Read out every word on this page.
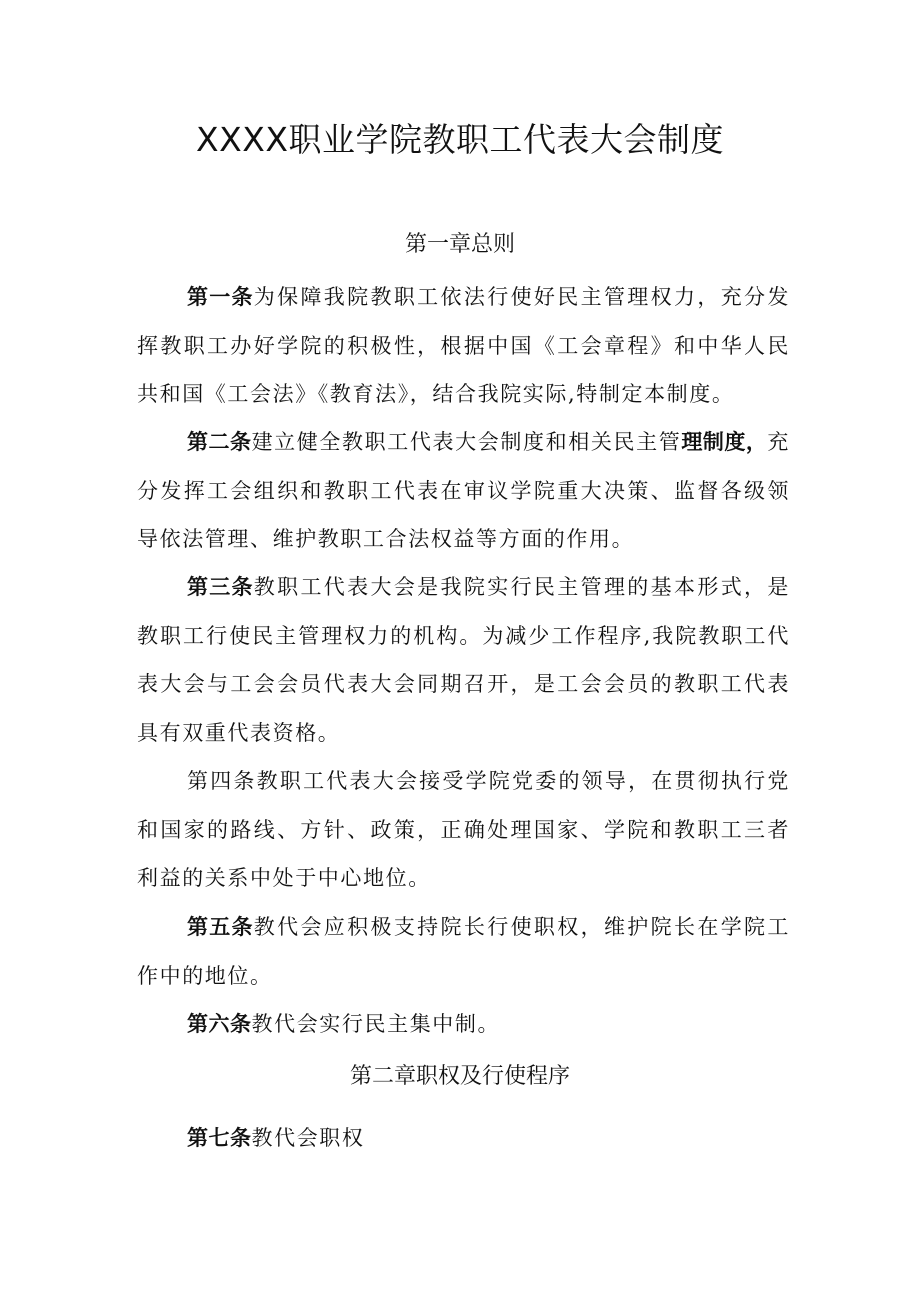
XXXX职业学院教职工代表大会制度
第一章总则

第一条为保障我院教职工依法行使好民主管理权力，充分发挥教职工办好学院的积极性，根据中国《工会章程》和中华人民共和国《工会法》《教育法》，结合我院实际,特制定本制度。

第二条建立健全教职工代表大会制度和相关民主管理制度，充分发挥工会组织和教职工代表在审议学院重大决策、监督各级领导依法管理、维护教职工合法权益等方面的作用。

第三条教职工代表大会是我院实行民主管理的基本形式，是教职工行使民主管理权力的机构。为减少工作程序,我院教职工代表大会与工会会员代表大会同期召开，是工会会员的教职工代表具有双重代表资格。

第四条教职工代表大会接受学院党委的领导，在贯彻执行党和国家的路线、方针、政策，正确处理国家、学院和教职工三者利益的关系中处于中心地位。

第五条教代会应积极支持院长行使职权，维护院长在学院工作中的地位。

第六条教代会实行民主集中制。

第二章职权及行使程序

第七条教代会职权
